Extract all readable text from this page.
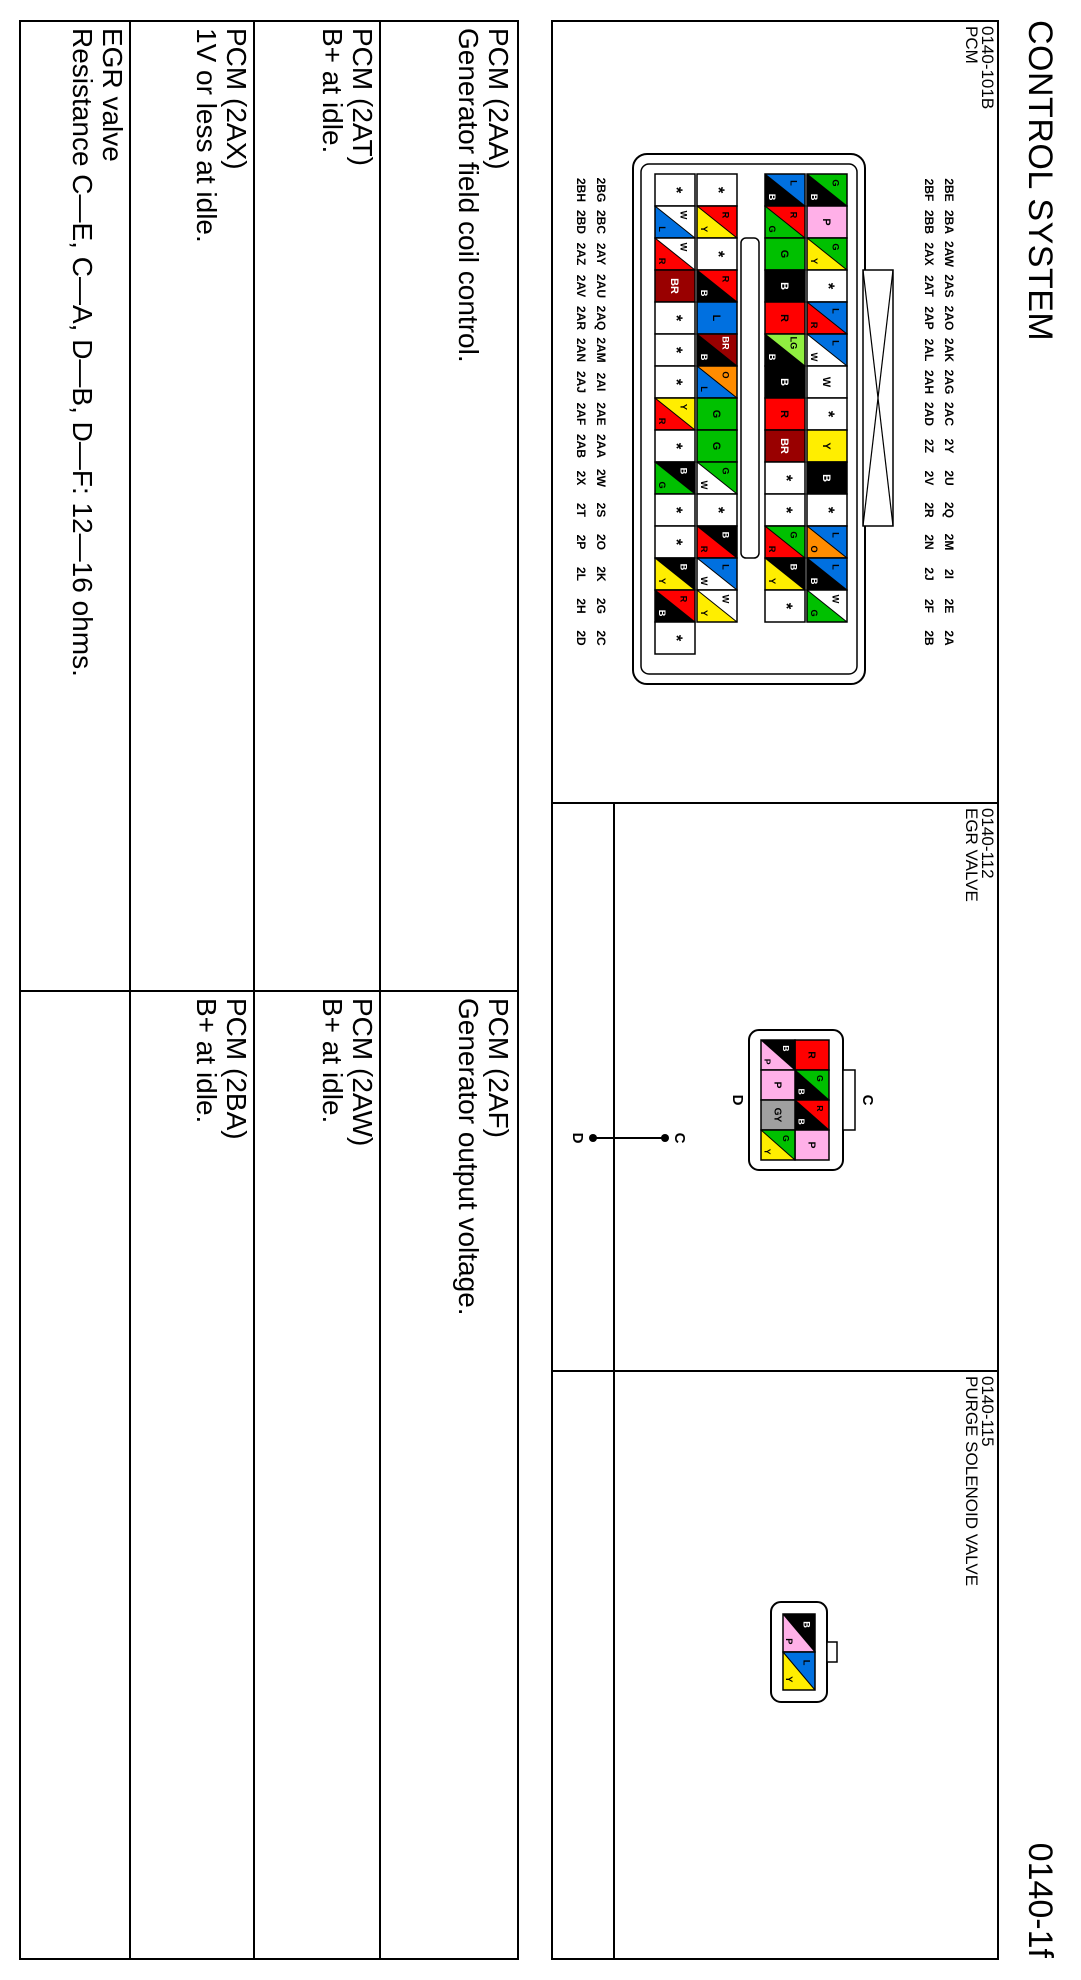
CONTROL SYSTEM
0140-1f
0140-101B
PCM
0140-112
EGR VALVE
0140-115
PURGE SOLENOID VALVE
2BE
2BA
2AW
2AS
2AO
2AK
2AG
2AC
2Y
2U
2Q
2M
2I
2E
2A
2BF
2BB
2AX
2AT
2AP
2AL
2AH
2AD
2Z
2V
2R
2N
2J
2F
2B
2BG
2BC
2AY
2AU
2AQ
2AM
2AI
2AE
2AA
2W
2S
2O
2K
2G
2C
2BH
2BD
2AZ
2AV
2AR
2AN
2AJ
2AF
2AB
2X
2T
2P
2L
2H
2D
G
B
P
G
Y
*
L
R
L
W
W
*
Y
B
*
L
O
L
B
W
G
L
B
R
G
G
B
R
LG
B
B
R
BR
*
*
G
R
B
Y
*
*
R
Y
*
R
B
L
BR
B
O
L
G
G
G
W
*
B
R
L
W
W
Y
*
W
L
W
R
BR
*
*
*
Y
R
*
B
G
*
*
B
Y
R
B
*
C
D
R
G
B
R
B
P
B
P
P
GY
G
Y
C
D
B
P
L
Y
PCM (2AA)
Generator field coil control.
PCM (2AF)
Generator output voltage.
PCM (2AT)
B+ at idle.
PCM (2AW)
B+ at idle.
PCM (2AX)
1V or less at idle.
PCM (2BA)
B+ at idle.
EGR valve
Resistance C—E, C—A, D—B, D—F: 12—16 ohms.
